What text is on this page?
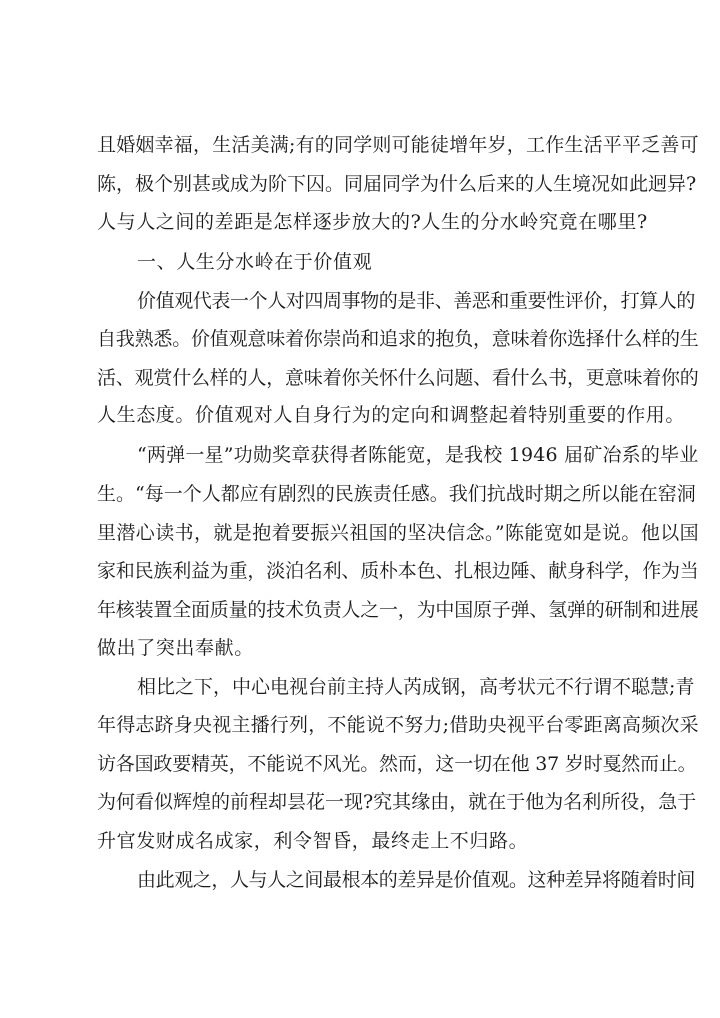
且婚姻幸福，生活美满;有的同学则可能徒增年岁，工作生活平平乏善可
陈，极个别甚或成为阶下囚。同届同学为什么后来的人生境况如此迥异?
人与人之间的差距是怎样逐步放大的?人生的分水岭究竟在哪里?
一、人生分水岭在于价值观
价值观代表一个人对四周事物的是非、善恶和重要性评价，打算人的
自我熟悉。价值观意味着你崇尚和追求的抱负，意味着你选择什么样的生
活、观赏什么样的人，意味着你关怀什么问题、看什么书，更意味着你的
人生态度。价值观对人自身行为的定向和调整起着特别重要的作用。
“两弹一星”功勋奖章获得者陈能宽，是我校 1946 届矿冶系的毕业
生。“每一个人都应有剧烈的民族责任感。我们抗战时期之所以能在窑洞
里潜心读书，就是抱着要振兴祖国的坚决信念。”陈能宽如是说。他以国
家和民族利益为重，淡泊名利、质朴本色、扎根边陲、献身科学，作为当
年核装置全面质量的技术负责人之一，为中国原子弹、氢弹的研制和进展
做出了突出奉献。
相比之下，中心电视台前主持人芮成钢，高考状元不行谓不聪慧;青
年得志跻身央视主播行列，不能说不努力;借助央视平台零距离高频次采
访各国政要精英，不能说不风光。然而，这一切在他 37 岁时戛然而止。
为何看似辉煌的前程却昙花一现?究其缘由，就在于他为名利所役，急于
升官发财成名成家，利令智昏，最终走上不归路。
由此观之，人与人之间最根本的差异是价值观。这种差异将随着时间
